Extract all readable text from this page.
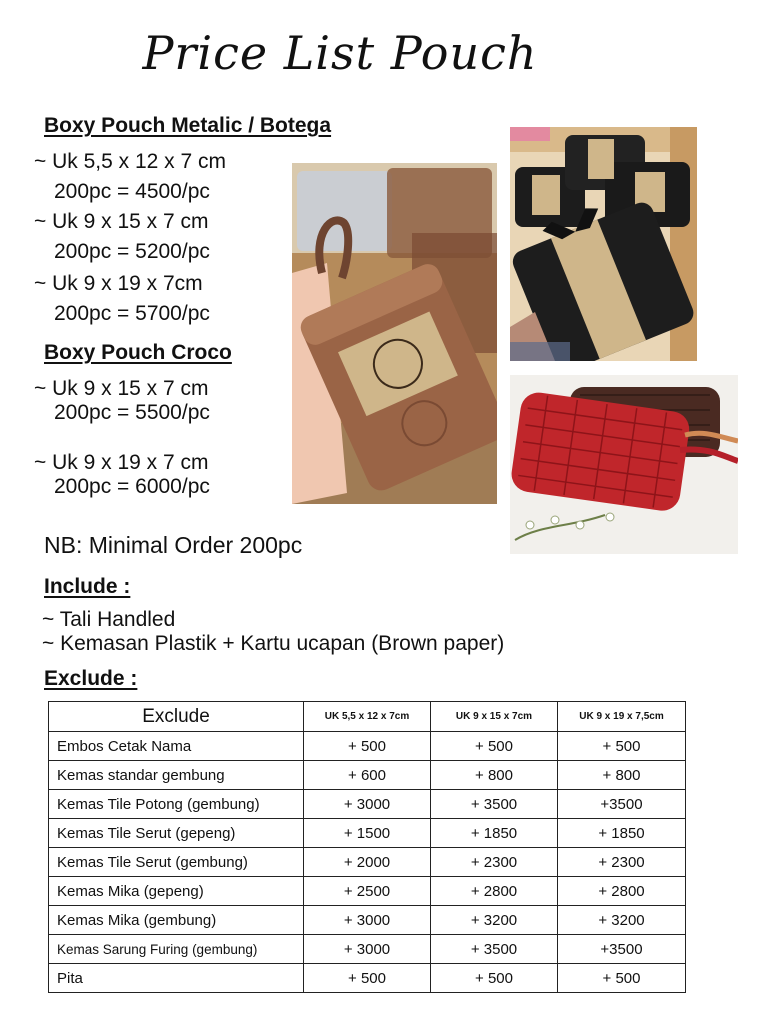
Price List Pouch
Boxy Pouch Metalic / Botega
~ Uk 5,5 x 12 x 7 cm
200pc = 4500/pc
~ Uk 9 x 15 x 7 cm
200pc = 5200/pc
~ Uk 9 x 19 x 7cm
200pc = 5700/pc
Boxy Pouch Croco
~ Uk 9 x 15 x 7 cm
200pc = 5500/pc
~ Uk 9 x 19 x 7 cm
200pc = 6000/pc
NB: Minimal Order 200pc
Include :
~ Tali Handled
~ Kemasan Plastik + Kartu ucapan (Brown paper)
Exclude :
Exclude	UK 5,5 x 12 x 7cm	UK 9 x 15 x 7cm	UK 9 x 19 x 7,5cm
Embos Cetak Nama	+ 500	+ 500	+ 500
Kemas standar gembung	+ 600	+ 800	+ 800
Kemas Tile Potong (gembung)	+ 3000	+ 3500	+3500
Kemas Tile Serut (gepeng)	+ 1500	+ 1850	+ 1850
Kemas Tile Serut (gembung)	+ 2000	+ 2300	+ 2300
Kemas Mika (gepeng)	+ 2500	+ 2800	+ 2800
Kemas Mika (gembung)	+ 3000	+ 3200	+ 3200
Kemas Sarung Furing (gembung)	+ 3000	+ 3500	+3500
Pita	+ 500	+ 500	+ 500
